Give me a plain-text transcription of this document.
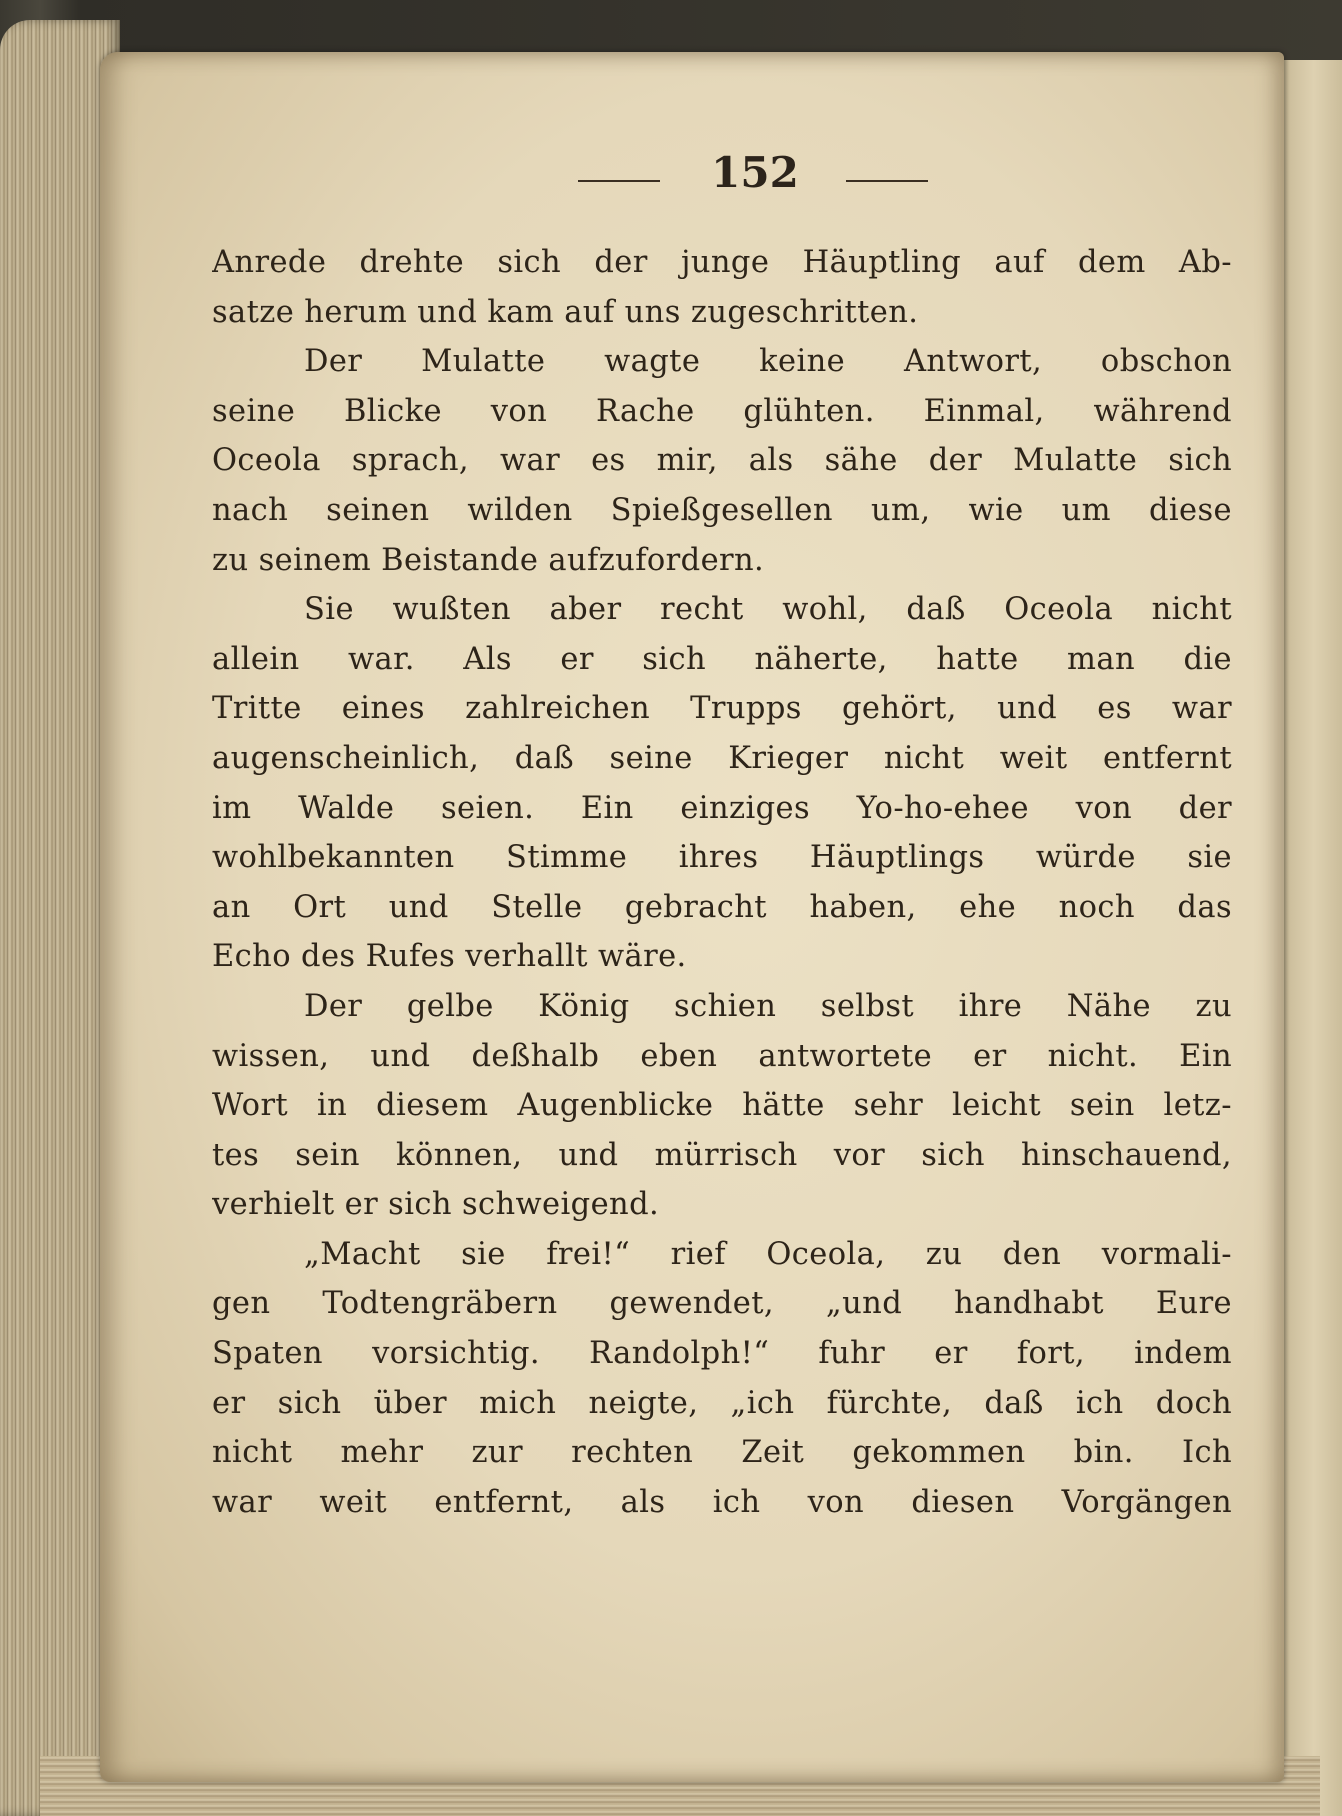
152
Anrede drehte sich der junge Häuptling auf dem Ab-
satze herum und kam auf uns zugeschritten.
Der Mulatte wagte keine Antwort, obschon
seine Blicke von Rache glühten. Einmal, während
Oceola sprach, war es mir, als sähe der Mulatte sich
nach seinen wilden Spießgesellen um, wie um diese
zu seinem Beistande aufzufordern.
Sie wußten aber recht wohl, daß Oceola nicht
allein war. Als er sich näherte, hatte man die
Tritte eines zahlreichen Trupps gehört, und es war
augenscheinlich, daß seine Krieger nicht weit entfernt
im Walde seien. Ein einziges Yo-ho-ehee von der
wohlbekannten Stimme ihres Häuptlings würde sie
an Ort und Stelle gebracht haben, ehe noch das
Echo des Rufes verhallt wäre.
Der gelbe König schien selbst ihre Nähe zu
wissen, und deßhalb eben antwortete er nicht. Ein
Wort in diesem Augenblicke hätte sehr leicht sein letz-
tes sein können, und mürrisch vor sich hinschauend,
verhielt er sich schweigend.
„Macht sie frei!“ rief Oceola, zu den vormali-
gen Todtengräbern gewendet, „und handhabt Eure
Spaten vorsichtig. Randolph!“ fuhr er fort, indem
er sich über mich neigte, „ich fürchte, daß ich doch
nicht mehr zur rechten Zeit gekommen bin. Ich
war weit entfernt, als ich von diesen Vorgängen
